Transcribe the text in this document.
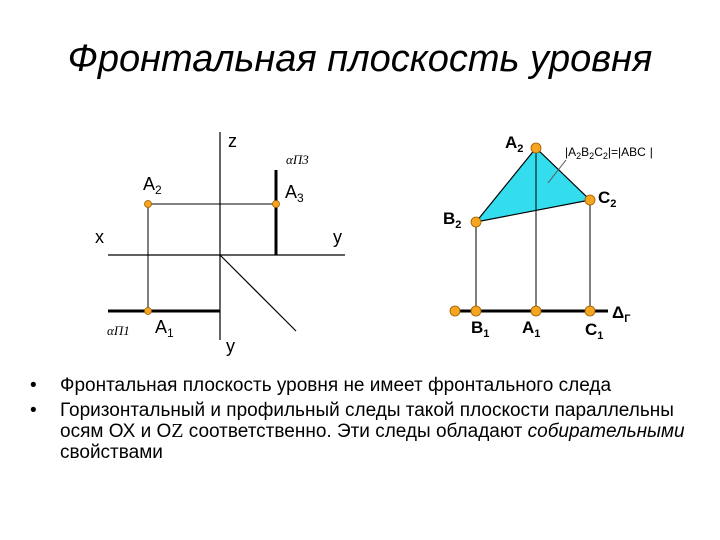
Фронтальная плоскость уровня
z
x	y
y
αП3
αП1
$A_2$	$A_3$
$A_1$
$A_2$
$B_2$
$C_2$
$B_1$ $A_1$	$C_1$
$\Delta_Г$
$|A_2B_2C_2|=|ABC$ |
•	Фронтальная плоскость уровня не имеет фронтального следа
•	Горизонтальный и профильный следы такой плоскости параллельны осям ОХ и ОZ соответственно. Эти следы обладают собирательными свойствами
